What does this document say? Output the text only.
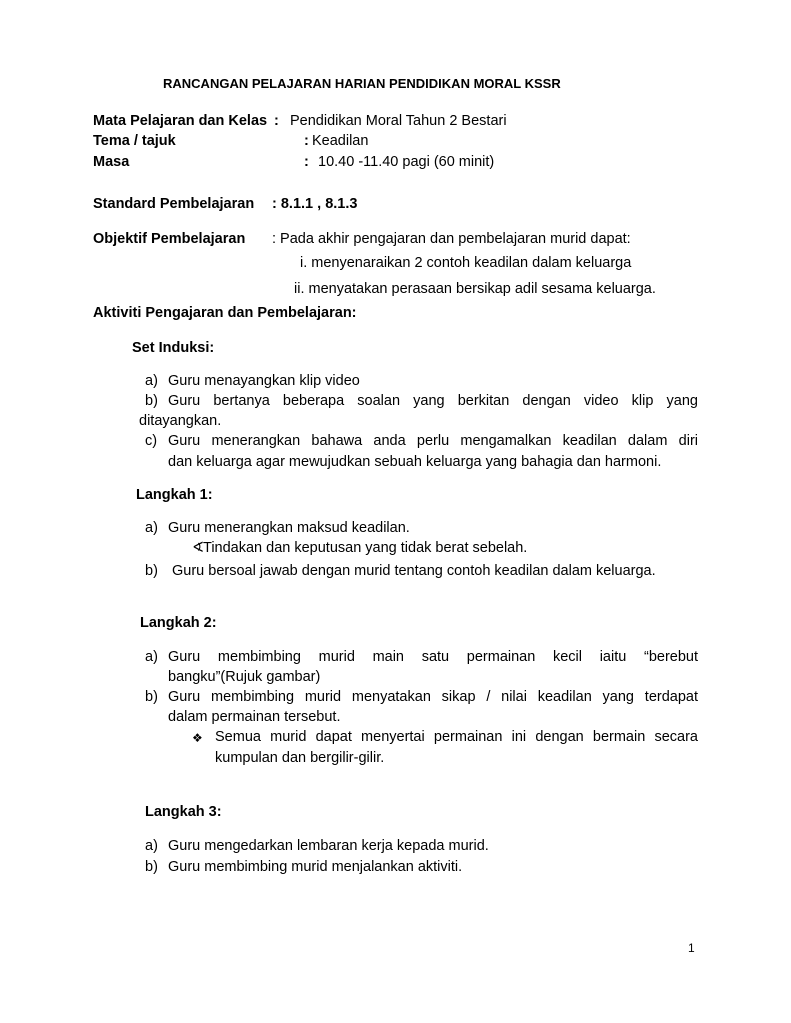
RANCANGAN PELAJARAN HARIAN PENDIDIKAN MORAL KSSR
Mata Pelajaran dan Kelas : Pendidikan Moral Tahun 2 Bestari
Tema / tajuk	: Keadilan
Masa	: 10.40 -11.40 pagi (60 minit)
Standard Pembelajaran : 8.1.1 , 8.1.3
Objektif Pembelajaran : Pada akhir pengajaran dan pembelajaran murid dapat:
i. menyenaraikan 2 contoh keadilan dalam keluarga
ii. menyatakan perasaan bersikap adil sesama keluarga.
Aktiviti Pengajaran dan Pembelajaran:
Set Induksi:
a) Guru menayangkan klip video
b) Guru bertanya beberapa soalan yang berkitan dengan video klip yang
ditayangkan.
c) Guru menerangkan bahawa anda perlu mengamalkan keadilan dalam diri
dan keluarga agar mewujudkan sebuah keluarga yang bahagia dan harmoni.
Langkah 1:
a) Guru menerangkan maksud keadilan.
∢
Tindakan dan keputusan yang tidak berat sebelah.
b) Guru bersoal jawab dengan murid tentang contoh keadilan dalam keluarga.
Langkah 2:
a) Guru membimbing murid main satu permainan kecil iaitu “berebut
bangku”(Rujuk gambar)
b) Guru membimbing murid menyatakan sikap / nilai keadilan yang terdapat
dalam permainan tersebut.
❖ Semua murid dapat menyertai permainan ini dengan bermain secara
kumpulan dan bergilir-gilir.
Langkah 3:
a) Guru mengedarkan lembaran kerja kepada murid.
b) Guru membimbing murid menjalankan aktiviti.
1
